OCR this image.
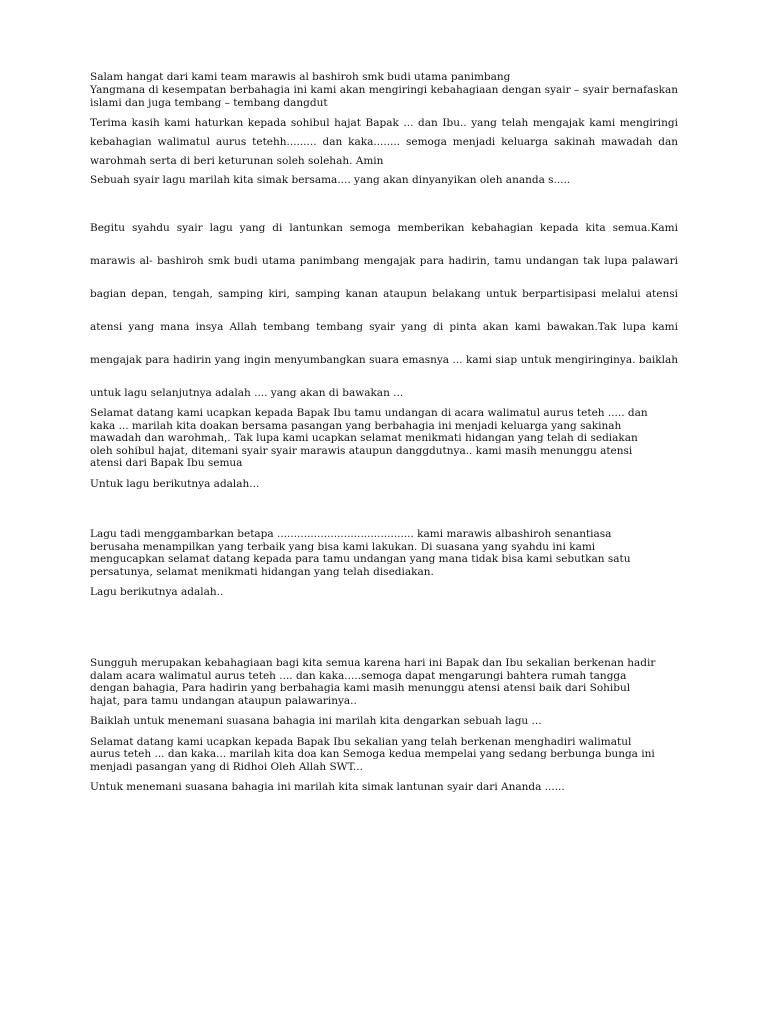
Salam hangat dari kami team marawis al bashiroh smk budi utama panimbang

Yangmana di kesempatan berbahagia ini kami akan mengiringi kebahagiaan dengan syair – syair bernafaskan islami dan juga tembang – tembang dangdut

Terima kasih kami haturkan kepada sohibul hajat Bapak ... dan Ibu.. yang telah mengajak kami mengiringi kebahagian walimatul aurus tetehh......... dan kaka........ semoga menjadi keluarga sakinah mawadah dan warohmah serta di beri keturunan soleh solehah. Amin

Sebuah syair lagu marilah kita simak bersama.... yang akan dinyanyikan oleh ananda s.....

Begitu syahdu syair lagu yang di lantunkan semoga memberikan kebahagian kepada kita semua.Kami marawis al- bashiroh smk budi utama panimbang mengajak para hadirin, tamu undangan tak lupa palawari bagian depan, tengah, samping kiri, samping kanan ataupun belakang untuk berpartisipasi melalui atensi atensi yang mana insya Allah tembang tembang syair yang di pinta akan kami bawakan.Tak lupa kami mengajak para hadirin yang ingin menyumbangkan suara emasnya ... kami siap untuk mengiringinya. baiklah untuk lagu selanjutnya adalah .... yang akan di bawakan ...

Selamat datang kami ucapkan kepada Bapak Ibu tamu undangan di acara walimatul aurus teteh ..... dan

kaka ... marilah kita doakan bersama pasangan yang berbahagia ini menjadi keluarga yang sakinah

mawadah dan warohmah,. Tak lupa kami ucapkan selamat menikmati hidangan yang telah di sediakan

oleh sohibul hajat, ditemani syair syair marawis ataupun danggdutnya.. kami masih menunggu atensi

atensi dari Bapak Ibu semua

Untuk lagu berikutnya adalah...

Lagu tadi menggambarkan betapa ......................................... kami marawis albashiroh senantiasa

berusaha menampilkan yang terbaik yang bisa kami lakukan. Di suasana yang syahdu ini kami

mengucapkan selamat datang kepada para tamu undangan yang mana tidak bisa kami sebutkan satu

persatunya, selamat menikmati hidangan yang telah disediakan.

Lagu berikutnya adalah..

Sungguh merupakan kebahagiaan bagi kita semua karena hari ini Bapak dan Ibu sekalian berkenan hadir

dalam acara walimatul aurus teteh .... dan kaka.....semoga dapat mengarungi bahtera rumah tangga

dengan bahagia, Para hadirin yang berbahagia kami masih menunggu atensi atensi baik dari Sohibul

hajat, para tamu undangan ataupun palawarinya..

Baiklah untuk menemani suasana bahagia ini marilah kita dengarkan sebuah lagu ...

Selamat datang kami ucapkan kepada Bapak Ibu sekalian yang telah berkenan menghadiri walimatul

aurus teteh ... dan kaka... marilah kita doa kan Semoga kedua mempelai yang sedang berbunga bunga ini

menjadi pasangan yang di Ridhoi Oleh Allah SWT...

Untuk menemani suasana bahagia ini marilah kita simak lantunan syair dari Ananda ......
